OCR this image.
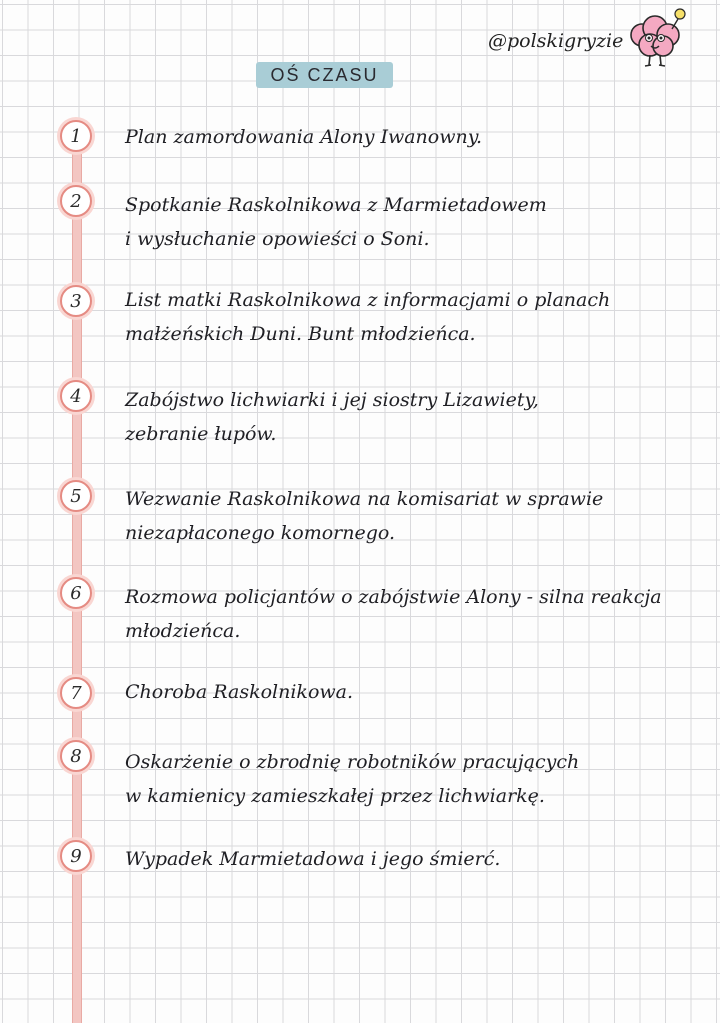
@polskigryzie
OŚ CZASU
1	Plan zamordowania Alony Iwanowny.
2	Spotkanie Raskolnikowa z Marmietadowem
i wysłuchanie opowieści o Soni.
3	List matki Raskolnikowa z informacjami o planach
małżeńskich Duni. Bunt młodzieńca.
4	Zabójstwo lichwiarki i jej siostry Lizawiety,
zebranie łupów.
5	Wezwanie Raskolnikowa na komisariat w sprawie
niezapłaconego komornego.
6	Rozmowa policjantów o zabójstwie Alony - silna reakcja
młodzieńca.
7	Choroba Raskolnikowa.
8	Oskarżenie o zbrodnię robotników pracujących
w kamienicy zamieszkałej przez lichwiarkę.
9	Wypadek Marmietadowa i jego śmierć.
